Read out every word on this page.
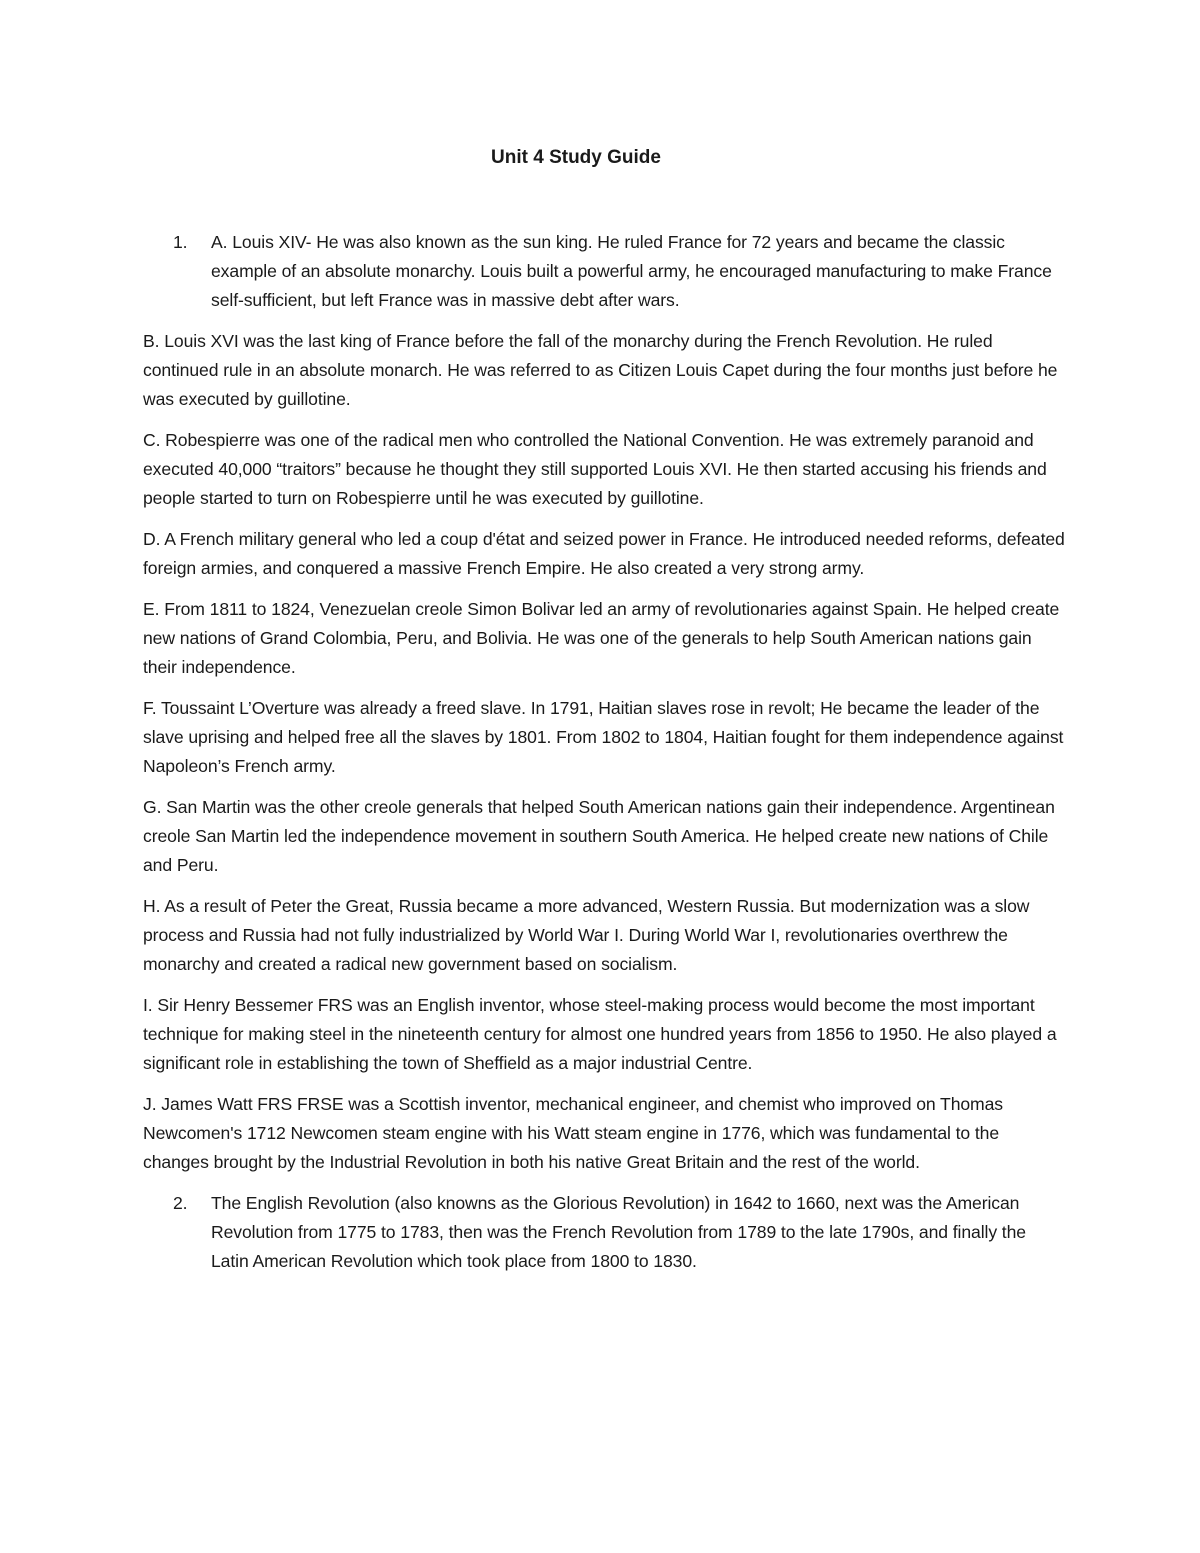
Unit 4 Study Guide
1.	A. Louis XIV- He was also known as the sun king. He ruled France for 72 years and became the classic example of an absolute monarchy. Louis built a powerful army, he encouraged manufacturing to make France self-sufficient, but left France was in massive debt after wars.

B. Louis XVI was the last king of France before the fall of the monarchy during the French Revolution. He ruled continued rule in an absolute monarch. He was referred to as Citizen Louis Capet during the four months just before he was executed by guillotine.

C. Robespierre was one of the radical men who controlled the National Convention. He was extremely paranoid and executed 40,000 “traitors” because he thought they still supported Louis XVI. He then started accusing his friends and people started to turn on Robespierre until he was executed by guillotine.

D. A French military general who led a coup d'état and seized power in France. He introduced needed reforms, defeated foreign armies, and conquered a massive French Empire. He also created a very strong army.

E. From 1811 to 1824, Venezuelan creole Simon Bolivar led an army of revolutionaries against Spain. He helped create new nations of Grand Colombia, Peru, and Bolivia. He was one of the generals to help South American nations gain their independence.

F. Toussaint L’Overture was already a freed slave. In 1791, Haitian slaves rose in revolt; He became the leader of the slave uprising and helped free all the slaves by 1801. From 1802 to 1804, Haitian fought for them independence against Napoleon’s French army.

G. San Martin was the other creole generals that helped South American nations gain their independence. Argentinean creole San Martin led the independence movement in southern South America. He helped create new nations of Chile and Peru.

H. As a result of Peter the Great, Russia became a more advanced, Western Russia. But modernization was a slow process and Russia had not fully industrialized by World War I. During World War I, revolutionaries overthrew the monarchy and created a radical new government based on socialism.

I. Sir Henry Bessemer FRS was an English inventor, whose steel-making process would become the most important technique for making steel in the nineteenth century for almost one hundred years from 1856 to 1950. He also played a significant role in establishing the town of Sheffield as a major industrial Centre.

J. James Watt FRS FRSE was a Scottish inventor, mechanical engineer, and chemist who improved on Thomas Newcomen's 1712 Newcomen steam engine with his Watt steam engine in 1776, which was fundamental to the changes brought by the Industrial Revolution in both his native Great Britain and the rest of the world.

2.	The English Revolution (also knowns as the Glorious Revolution) in 1642 to 1660, next was the American Revolution from 1775 to 1783, then was the French Revolution from 1789 to the late 1790s, and finally the Latin American Revolution which took place from 1800 to 1830.
